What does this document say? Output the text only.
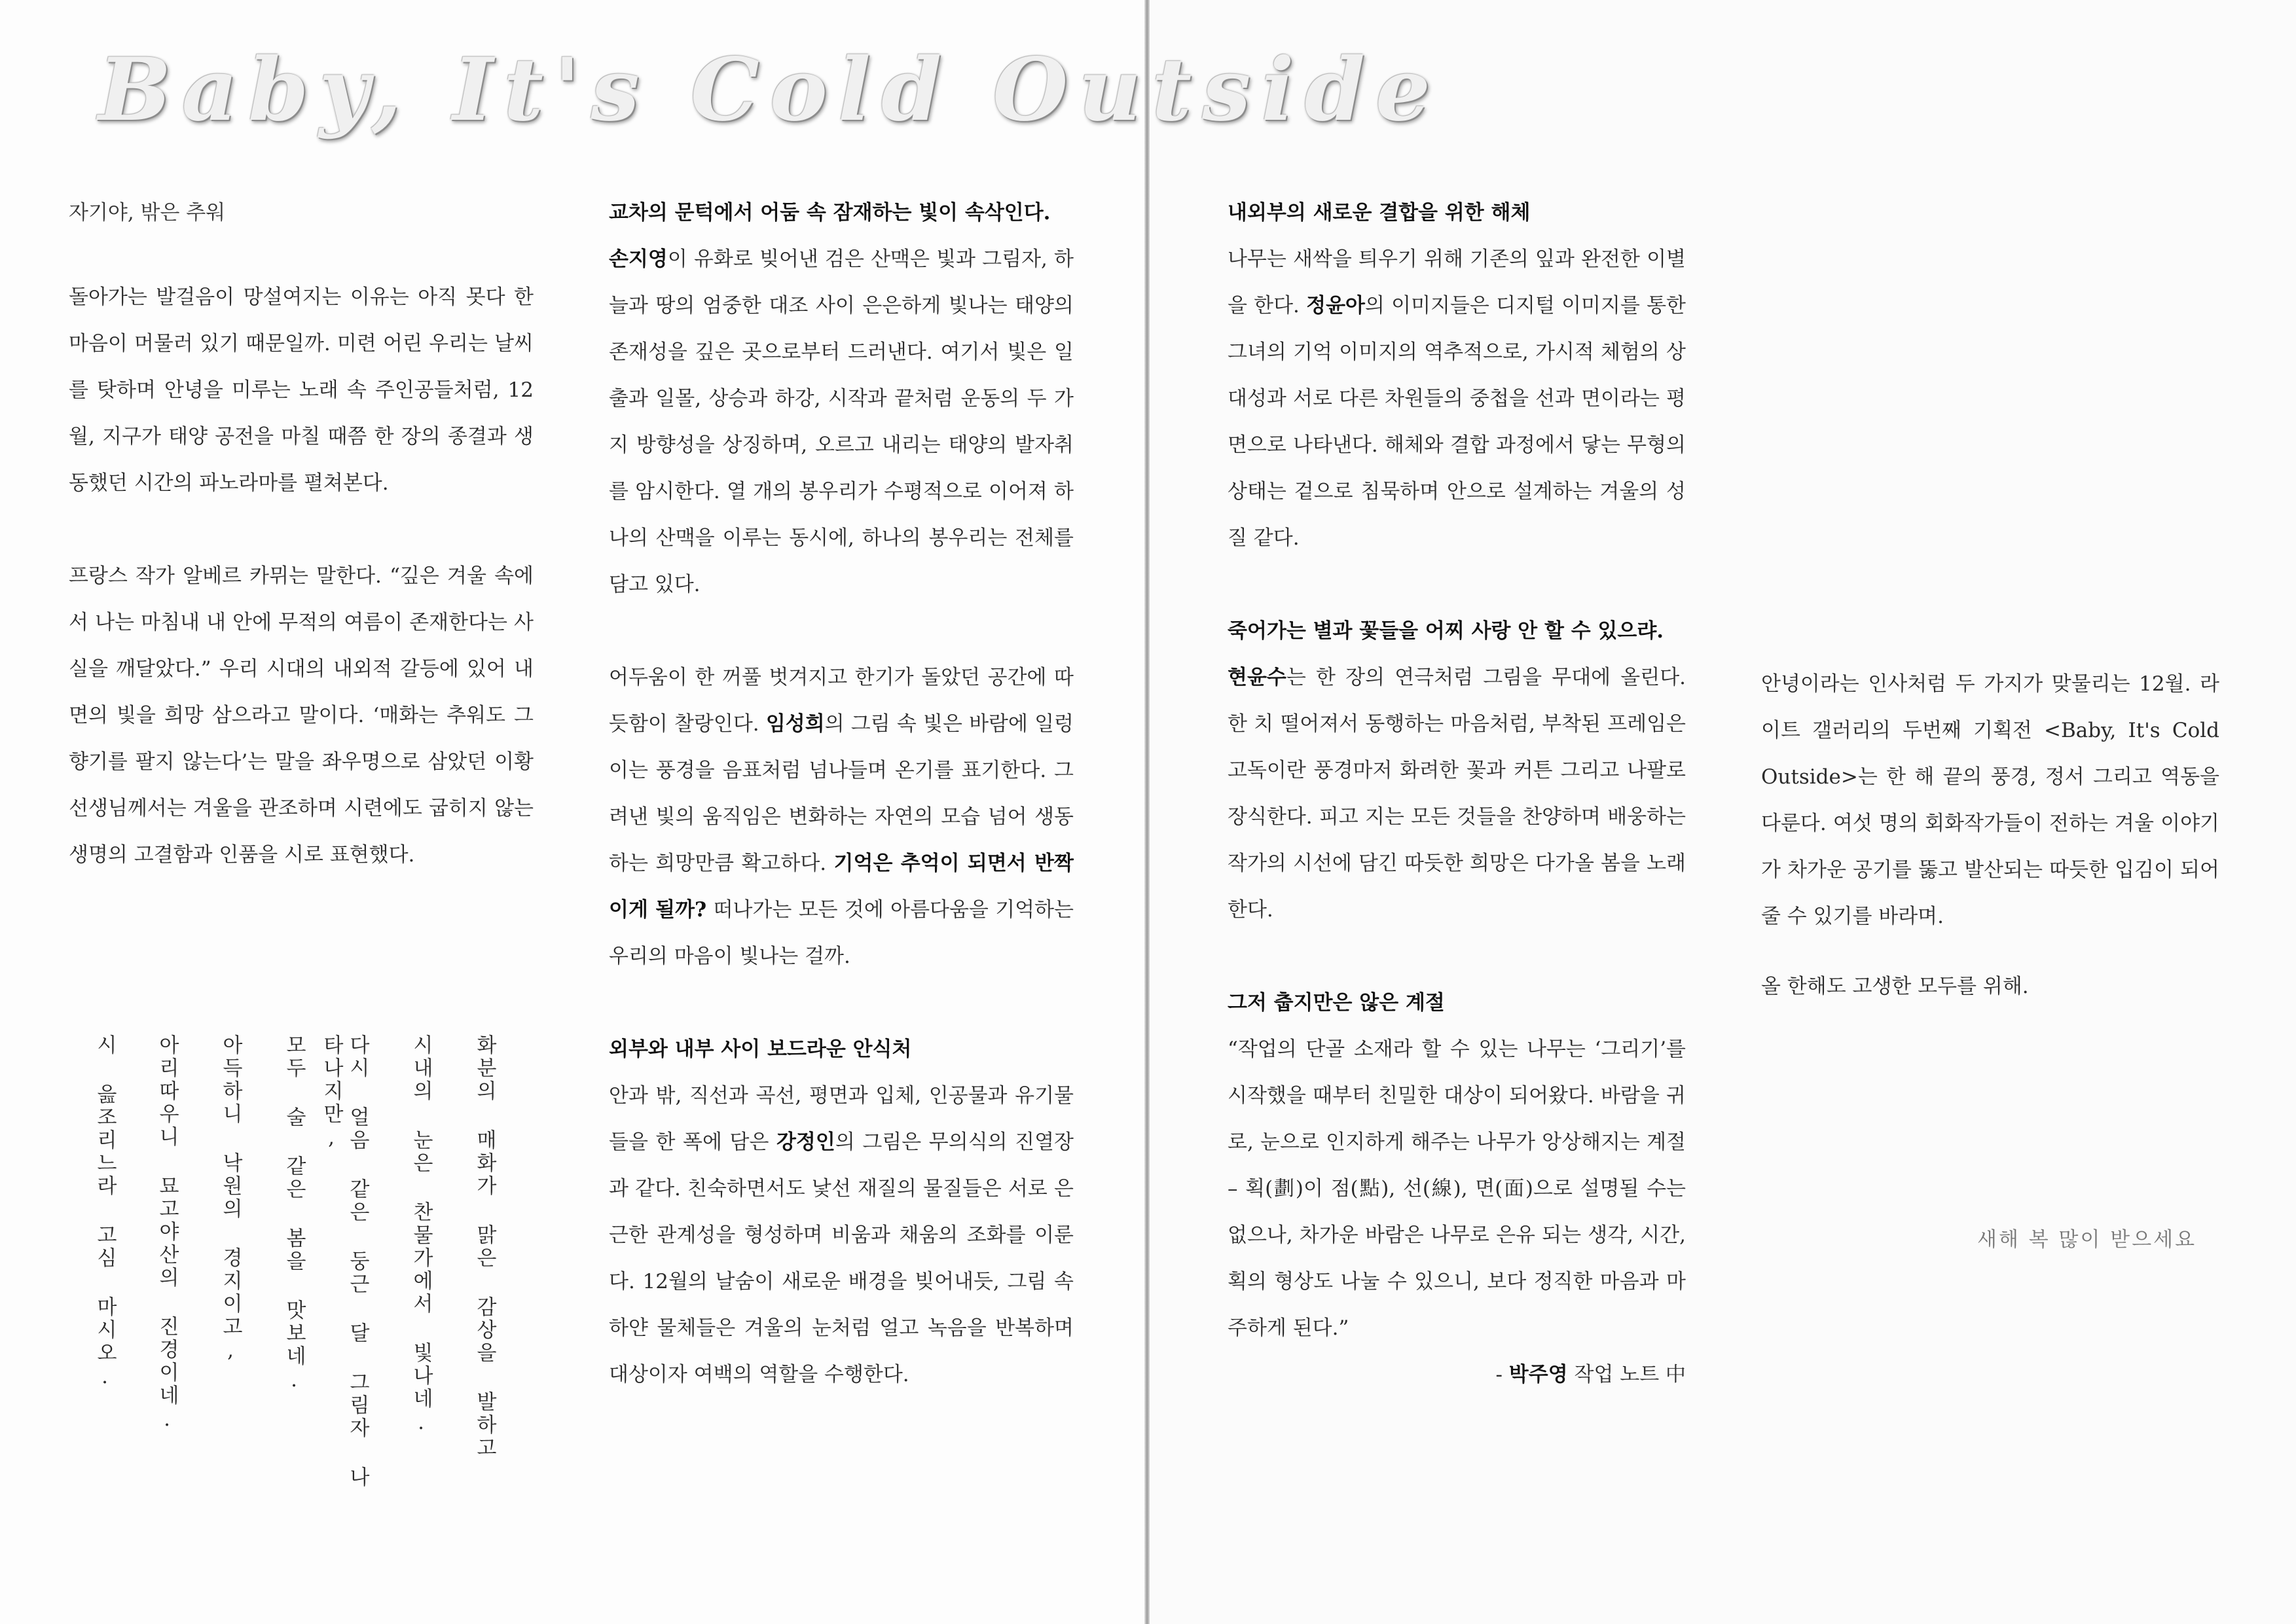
Baby, It's Cold Outside

자기야, 밖은 추워

돌아가는 발걸음이 망설여지는 이유는 아직 못다 한 마음이 머물러 있기 때문일까. 미련 어린 우리는 날씨를 탓하며 안녕을 미루는 노래 속 주인공들처럼, 12월, 지구가 태양 공전을 마칠 때쯤 한 장의 종결과 생동했던 시간의 파노라마를 펼쳐본다.

프랑스 작가 알베르 카뮈는 말한다. “깊은 겨울 속에서 나는 마침내 내 안에 무적의 여름이 존재한다는 사실을 깨달았다.” 우리 시대의 내외적 갈등에 있어 내면의 빛을 희망 삼으라고 말이다. ‘매화는 추워도 그 향기를 팔지 않는다’는 말을 좌우명으로 삼았던 이황 선생님께서는 겨울을 관조하며 시련에도 굽히지 않는 생명의 고결함과 인품을 시로 표현했다.

화분의 매화가 맑은 감상을 발하고
시내의 눈은 찬물가에서 빛나네.
다시 얼음 같은 둥근 달 그림자 나타나지만,
모두 술 같은 봄을 맛보네.
아득하니 낙원의 경지이고,
아리따우니 묘고야산의 진경이네.
시 읊조리느라 고심 마시오.

교차의 문턱에서 어둠 속 잠재하는 빛이 속삭인다.

손지영이 유화로 빚어낸 검은 산맥은 빛과 그림자, 하늘과 땅의 엄중한 대조 사이 은은하게 빛나는 태양의 존재성을 깊은 곳으로부터 드러낸다. 여기서 빛은 일출과 일몰, 상승과 하강, 시작과 끝처럼 운동의 두 가지 방향성을 상징하며, 오르고 내리는 태양의 발자취를 암시한다. 열 개의 봉우리가 수평적으로 이어져 하나의 산맥을 이루는 동시에, 하나의 봉우리는 전체를 담고 있다.

어두움이 한 꺼풀 벗겨지고 한기가 돌았던 공간에 따듯함이 찰랑인다. 임성희의 그림 속 빛은 바람에 일렁이는 풍경을 음표처럼 넘나들며 온기를 표기한다. 그려낸 빛의 움직임은 변화하는 자연의 모습 넘어 생동하는 희망만큼 확고하다. 기억은 추억이 되면서 반짝이게 될까? 떠나가는 모든 것에 아름다움을 기억하는 우리의 마음이 빛나는 걸까.

외부와 내부 사이 보드라운 안식처

안과 밖, 직선과 곡선, 평면과 입체, 인공물과 유기물들을 한 폭에 담은 강정인의 그림은 무의식의 진열장과 같다. 친숙하면서도 낯선 재질의 물질들은 서로 은근한 관계성을 형성하며 비움과 채움의 조화를 이룬다. 12월의 날숨이 새로운 배경을 빚어내듯, 그림 속 하얀 물체들은 겨울의 눈처럼 얼고 녹음을 반복하며 대상이자 여백의 역할을 수행한다.

내외부의 새로운 결합을 위한 해체

나무는 새싹을 틔우기 위해 기존의 잎과 완전한 이별을 한다. 정윤아의 이미지들은 디지털 이미지를 통한 그녀의 기억 이미지의 역추적으로, 가시적 체험의 상대성과 서로 다른 차원들의 중첩을 선과 면이라는 평면으로 나타낸다. 해체와 결합 과정에서 닿는 무형의 상태는 겉으로 침묵하며 안으로 설계하는 겨울의 성질 같다.

죽어가는 별과 꽃들을 어찌 사랑 안 할 수 있으랴.

현윤수는 한 장의 연극처럼 그림을 무대에 올린다. 한 치 떨어져서 동행하는 마음처럼, 부착된 프레임은 고독이란 풍경마저 화려한 꽃과 커튼 그리고 나팔로 장식한다. 피고 지는 모든 것들을 찬양하며 배웅하는 작가의 시선에 담긴 따듯한 희망은 다가올 봄을 노래한다.

그저 춥지만은 않은 계절

“작업의 단골 소재라 할 수 있는 나무는 ‘그리기’를 시작했을 때부터 친밀한 대상이 되어왔다. 바람을 귀로, 눈으로 인지하게 해주는 나무가 앙상해지는 계절 – 획(劃)이 점(點), 선(線), 면(面)으로 설명될 수는 없으나, 차가운 바람은 나무로 은유 되는 생각, 시간, 획의 형상도 나눌 수 있으니, 보다 정직한 마음과 마주하게 된다.”

- 박주영 작업 노트 中

안녕이라는 인사처럼 두 가지가 맞물리는 12월. 라이트 갤러리의 두번째 기획전 <Baby, It's Cold Outside>는 한 해 끝의 풍경, 정서 그리고 역동을 다룬다. 여섯 명의 회화작가들이 전하는 겨울 이야기가 차가운 공기를 뚫고 발산되는 따듯한 입김이 되어 줄 수 있기를 바라며.

올 한해도 고생한 모두를 위해.

새해 복 많이 받으세요
